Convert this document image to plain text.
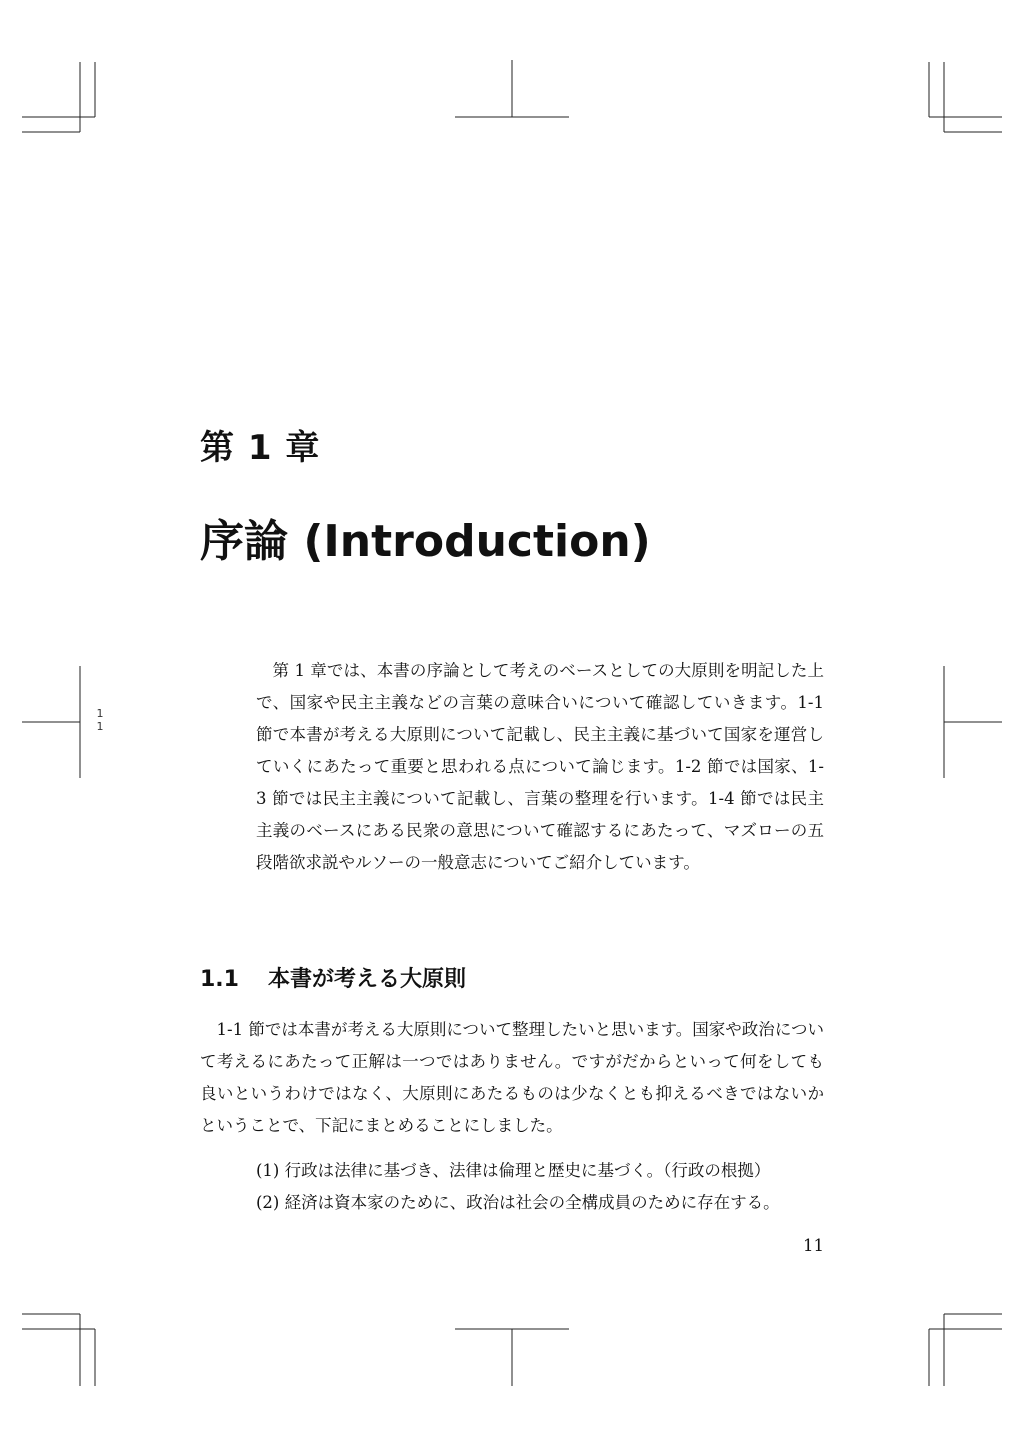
1
1
第 1 章
序論 (Introduction)

第 1 章では、本書の序論として考えのベースとしての大原則を明記した上で、国家や民主主義などの言葉の意味合いについて確認していきます。1-1 節で本書が考える大原則について記載し、民主主義に基づいて国家を運営していくにあたって重要と思われる点について論じます。1-2 節では国家、1-3 節では民主主義について記載し、言葉の整理を行います。1-4 節では民主主義のベースにある民衆の意思について確認するにあたって、マズローの五段階欲求説やルソーの一般意志についてご紹介しています。

1.1 本書が考える大原則

1-1 節では本書が考える大原則について整理したいと思います。国家や政治について考えるにあたって正解は一つではありません。ですがだからといって何をしても良いというわけではなく、大原則にあたるものは少なくとも抑えるべきではないかということで、下記にまとめることにしました。

(1) 行政は法律に基づき、法律は倫理と歴史に基づく。（行政の根拠）
(2) 経済は資本家のために、政治は社会の全構成員のために存在する。
11
